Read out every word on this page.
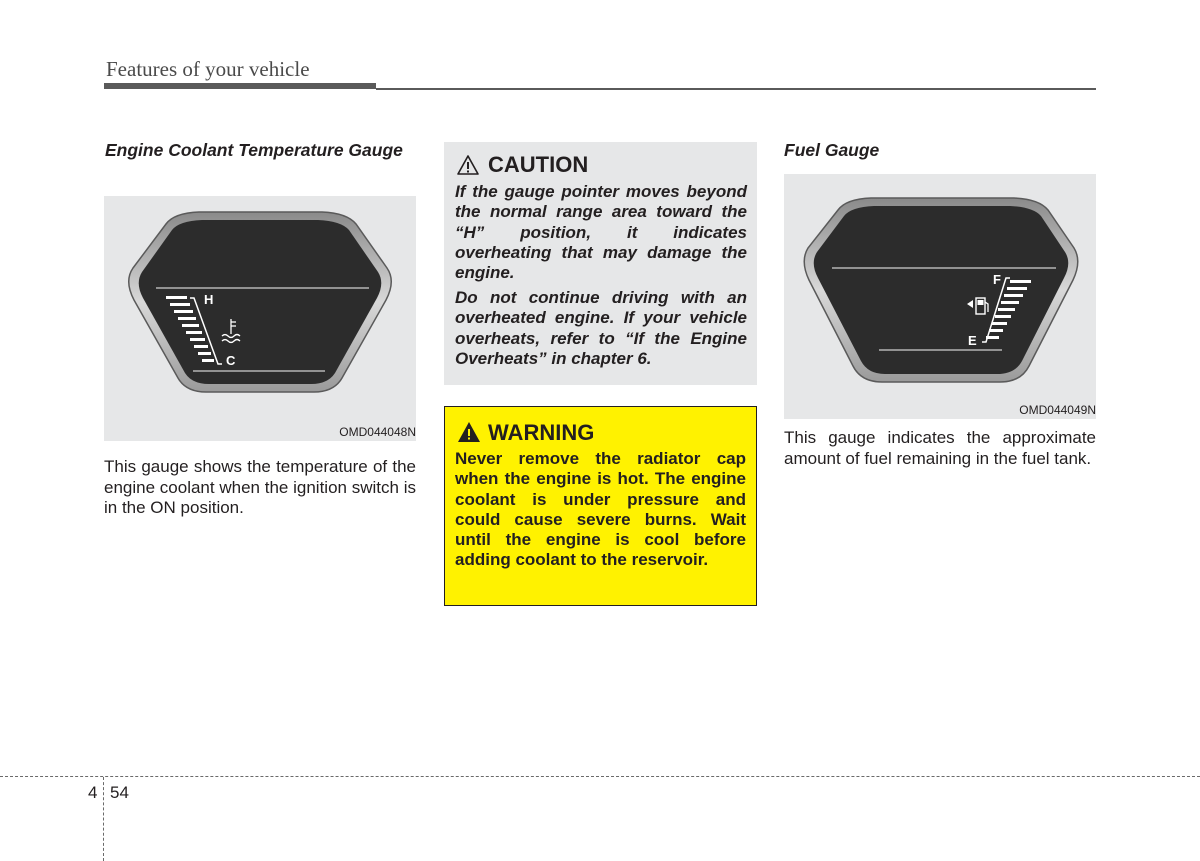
Features of your vehicle
Engine Coolant Temperature Gauge
H
C
OMD044048N
This gauge shows the temperature of the engine coolant when the ignition switch is in the ON position.
CAUTION
If the gauge pointer moves beyond the normal range area toward the “H” position, it indicates overheating that may damage the engine.
Do not continue driving with an overheated engine. If your vehicle overheats, refer to “If the Engine Overheats” in chapter 6.
WARNING
Never remove the radiator cap when the engine is hot. The engine coolant is under pressure and could cause severe burns. Wait until the engine is cool before adding coolant to the reservoir.
Fuel Gauge
F
E
OMD044049N
This gauge indicates the approximate amount of fuel remaining in the fuel tank.
4 54
